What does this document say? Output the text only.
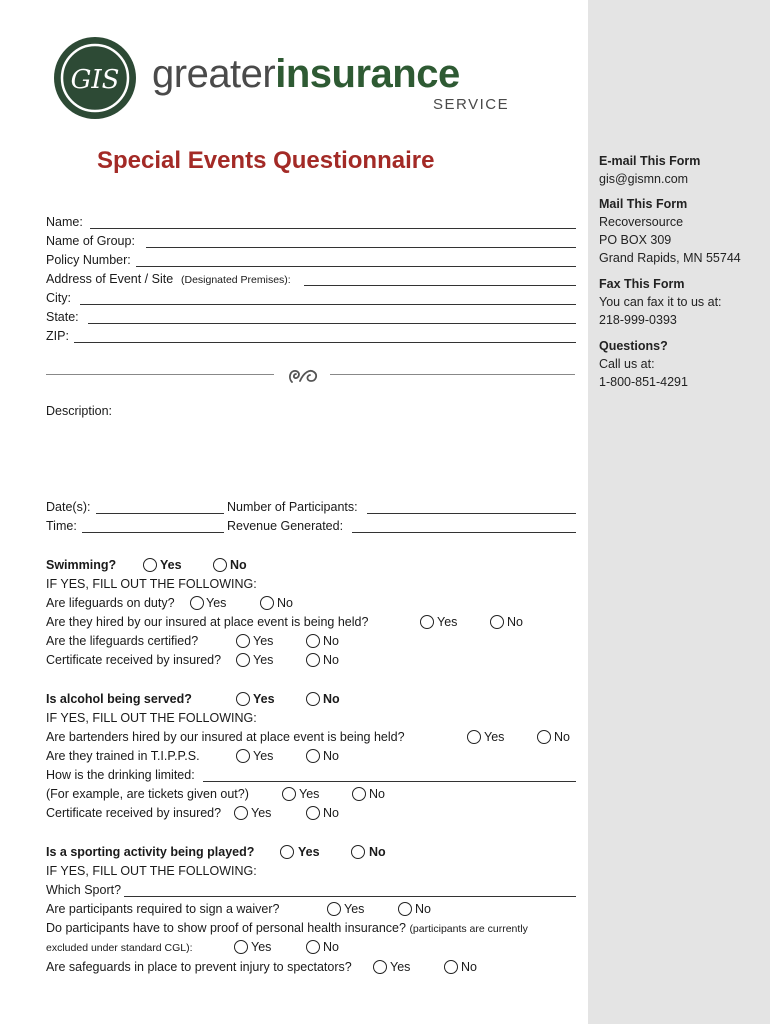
E-mail This Form
gis@gismn.com
Mail This Form
Recoversource
PO BOX 309
Grand Rapids, MN 55744
Fax This Form
You can fax it to us at:
218-999-0393
Questions?
Call us at:
1-800-851-4291
GIS greaterinsurance
SERVICE
Special Events Questionnaire
Name:
Name of Group:
Policy Number:
Address of Event / Site (Designated Premises):
City:
State:
ZIP:
Description:
Date(s):	Number of Participants:
Time:	Revenue Generated:
Swimming?	Yes	No
IF YES, FILL OUT THE FOLLOWING:
Are lifeguards on duty?	Yes	No
Are they hired by our insured at place event is being held?	Yes	No
Are the lifeguards certified?	Yes	No
Certificate received by insured?	Yes	No
Is alcohol being served?	Yes	No
IF YES, FILL OUT THE FOLLOWING:
Are bartenders hired by our insured at place event is being held?	Yes	No
Are they trained in T.I.P.P.S.	Yes	No
How is the drinking limited:
(For example, are tickets given out?)	Yes	No
Certificate received by insured? Yes	No
Is a sporting activity being played?	Yes	No
IF YES, FILL OUT THE FOLLOWING:
Which Sport?
Are participants required to sign a waiver?	Yes	No
Do participants have to show proof of personal health insurance? (participants are currently
excluded under standard CGL):	Yes	No
Are safeguards in place to prevent injury to spectators?	Yes	No
